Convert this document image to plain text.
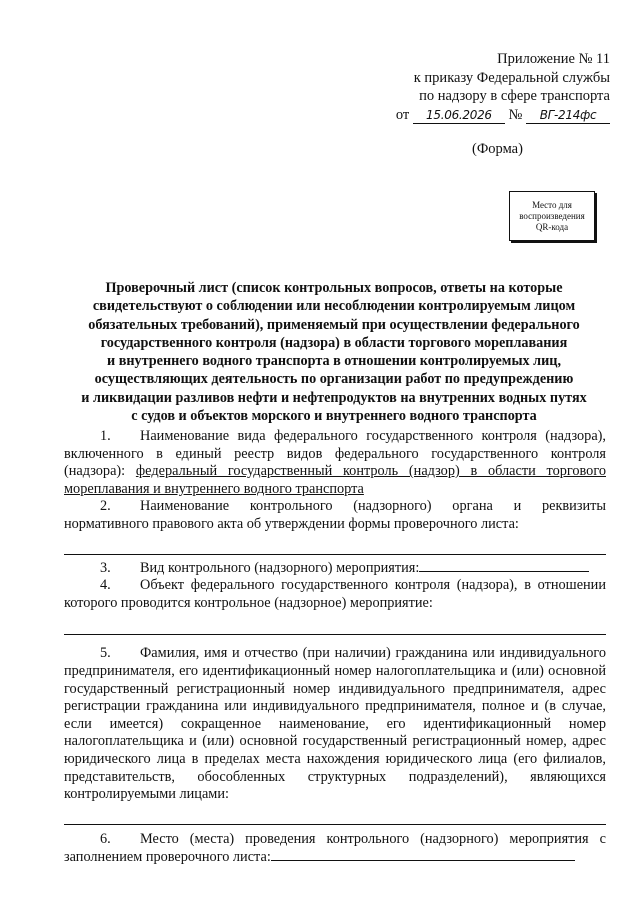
Приложение № 11
к приказу Федеральной службы
по надзору в сфере транспорта
от 15.06.2026 № ВГ-214фс
(Форма)
Место для
воспроизведения
QR-кода
Проверочный лист (список контрольных вопросов, ответы на которые
свидетельствуют о соблюдении или несоблюдении контролируемым лицом
обязательных требований), применяемый при осуществлении федерального
государственного контроля (надзора) в области торгового мореплавания
и внутреннего водного транспорта в отношении контролируемых лиц,
осуществляющих деятельность по организации работ по предупреждению
и ликвидации разливов нефти и нефтепродуктов на внутренних водных путях
с судов и объектов морского и внутреннего водного транспорта

1. Наименование вида федерального государственного контроля (надзора), включенного в единый реестр видов федерального государственного контроля (надзора): федеральный государственный контроль (надзор) в области торгового мореплавания и внутреннего водного транспорта

2. Наименование контрольного (надзорного) органа и реквизиты нормативного правового акта об утверждении формы проверочного листа:

3. Вид контрольного (надзорного) мероприятия:

4. Объект федерального государственного контроля (надзора), в отношении которого проводится контрольное (надзорное) мероприятие:

5. Фамилия, имя и отчество (при наличии) гражданина или индивидуального предпринимателя, его идентификационный номер налогоплательщика и (или) основной государственный регистрационный номер индивидуального предпринимателя, адрес регистрации гражданина или индивидуального предпринимателя, полное и (в случае, если имеется) сокращенное наименование, его идентификационный номер налогоплательщика и (или) основной государственный регистрационный номер, адрес юридического лица в пределах места нахождения юридического лица (его филиалов, представительств, обособленных структурных подразделений), являющихся контролируемыми лицами:

6. Место (места) проведения контрольного (надзорного) мероприятия с заполнением проверочного листа:
